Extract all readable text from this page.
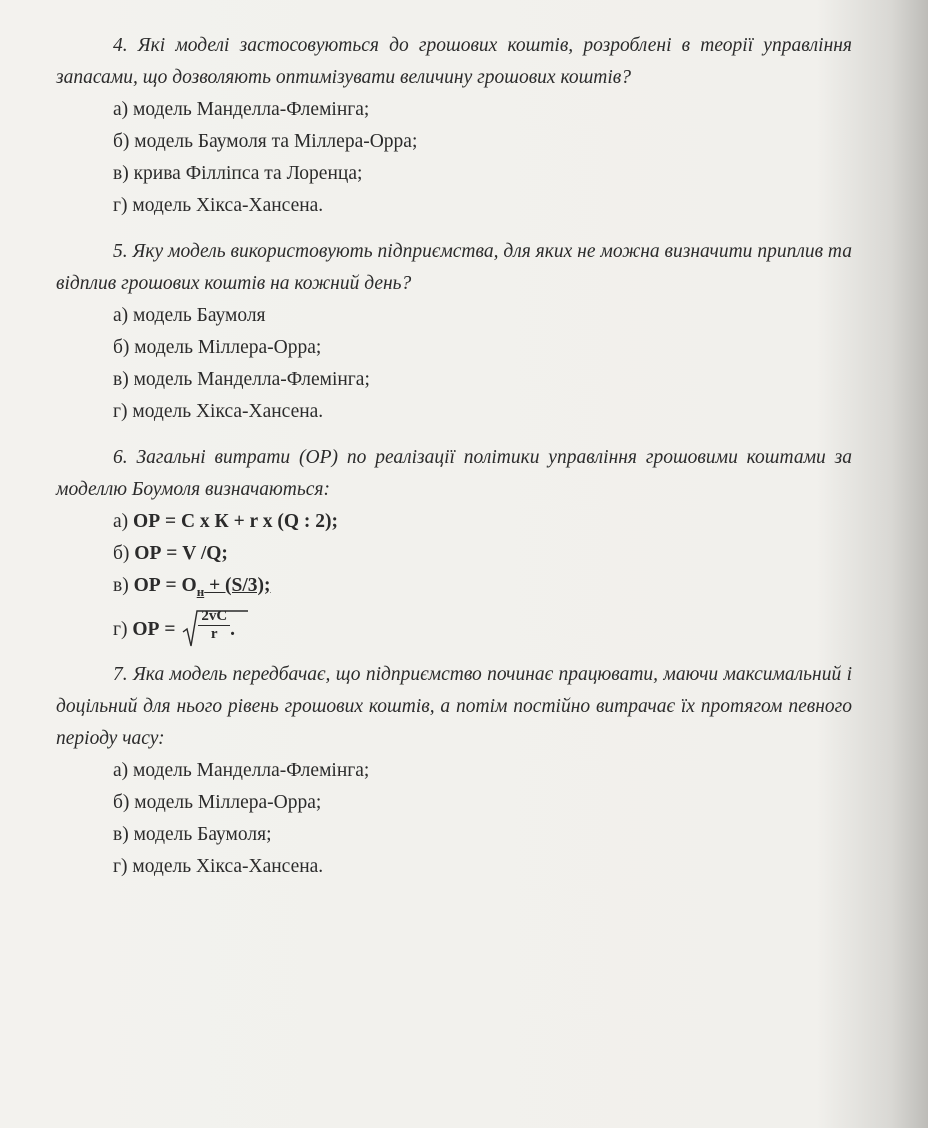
4. Які моделі застосовуються до грошових коштів, розроблені в теорії управління запасами, що дозволяють оптимізувати величину грошових коштів?

а) модель Манделла-Флемінга;

б) модель Баумоля та Міллера-Орра;

в) крива Філліпса та Лоренца;

г) модель Хікса-Хансена.

5. Яку модель використовують підприємства, для яких не можна визначити приплив та відплив грошових коштів на кожний день?

а) модель Баумоля

б) модель Міллера-Орра;

в) модель Манделла-Флемінга;

г) модель Хікса-Хансена.

6. Загальні витрати (ОР) по реалізації політики управління грошовими коштами за моделлю Боумоля визначаються:

а) ОР = С х К + r х (Q : 2);

б) ОР = V /Q;

в) ОР = $О_н + (S/3)$;

г) ОР = $\frac{2vC}{r}$ .

7. Яка модель передбачає, що підприємство починає працювати, маючи максимальний і доцільний для нього рівень грошових коштів, а потім постійно витрачає їх протягом певного періоду часу:

а) модель Манделла-Флемінга;

б) модель Міллера-Орра;

в) модель Баумоля;

г) модель Хікса-Хансена.
